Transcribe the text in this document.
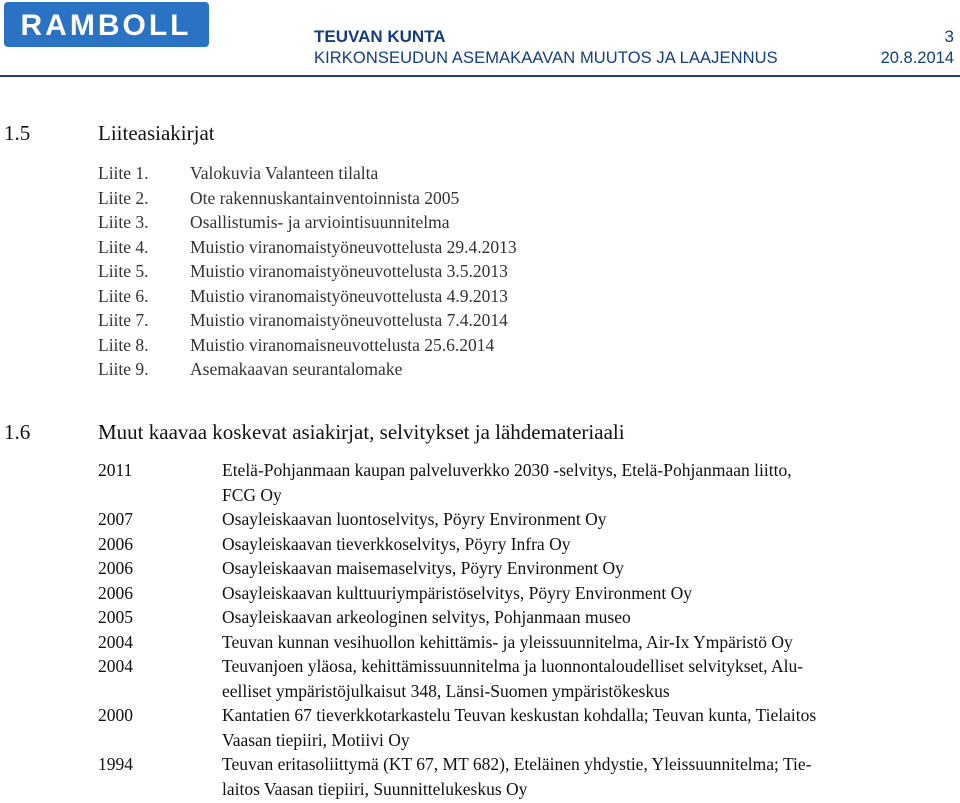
RAMBOLL	TEUVAN KUNTA	3
KIRKONSEUDUN ASEMAKAAVAN MUUTOS JA LAAJENNUS	20.8.2014
1.5	Liiteasiakirjat
Liite 1.	Valokuvia Valanteen tilalta
Liite 2.	Ote rakennuskantainventoinnista 2005
Liite 3.	Osallistumis- ja arviointisuunnitelma
Liite 4.	Muistio viranomaistyöneuvottelusta 29.4.2013
Liite 5.	Muistio viranomaistyöneuvottelusta 3.5.2013
Liite 6.	Muistio viranomaistyöneuvottelusta 4.9.2013
Liite 7.	Muistio viranomaistyöneuvottelusta 7.4.2014
Liite 8.	Muistio viranomaisneuvottelusta 25.6.2014
Liite 9.	Asemakaavan seurantalomake
1.6	Muut kaavaa koskevat asiakirjat, selvitykset ja lähdemateriaali
2011	Etelä-Pohjanmaan kaupan palveluverkko 2030 -selvitys, Etelä-Pohjanmaan liitto,
FCG Oy
2007	Osayleiskaavan luontoselvitys, Pöyry Environment Oy
2006	Osayleiskaavan tieverkkoselvitys, Pöyry Infra Oy
2006	Osayleiskaavan maisemaselvitys, Pöyry Environment Oy
2006	Osayleiskaavan kulttuuriympäristöselvitys, Pöyry Environment Oy
2005	Osayleiskaavan arkeologinen selvitys, Pohjanmaan museo
2004	Teuvan kunnan vesihuollon kehittämis- ja yleissuunnitelma, Air-Ix Ympäristö Oy
2004	Teuvanjoen yläosa, kehittämissuunnitelma ja luonnontaloudelliset selvitykset, Alu-
eelliset ympäristöjulkaisut 348, Länsi-Suomen ympäristökeskus
2000	Kantatien 67 tieverkkotarkastelu Teuvan keskustan kohdalla; Teuvan kunta, Tielaitos
Vaasan tiepiiri, Motiivi Oy
1994	Teuvan eritasoliittymä (KT 67, MT 682), Eteläinen yhdystie, Yleissuunnitelma; Tie-
laitos Vaasan tiepiiri, Suunnittelukeskus Oy
